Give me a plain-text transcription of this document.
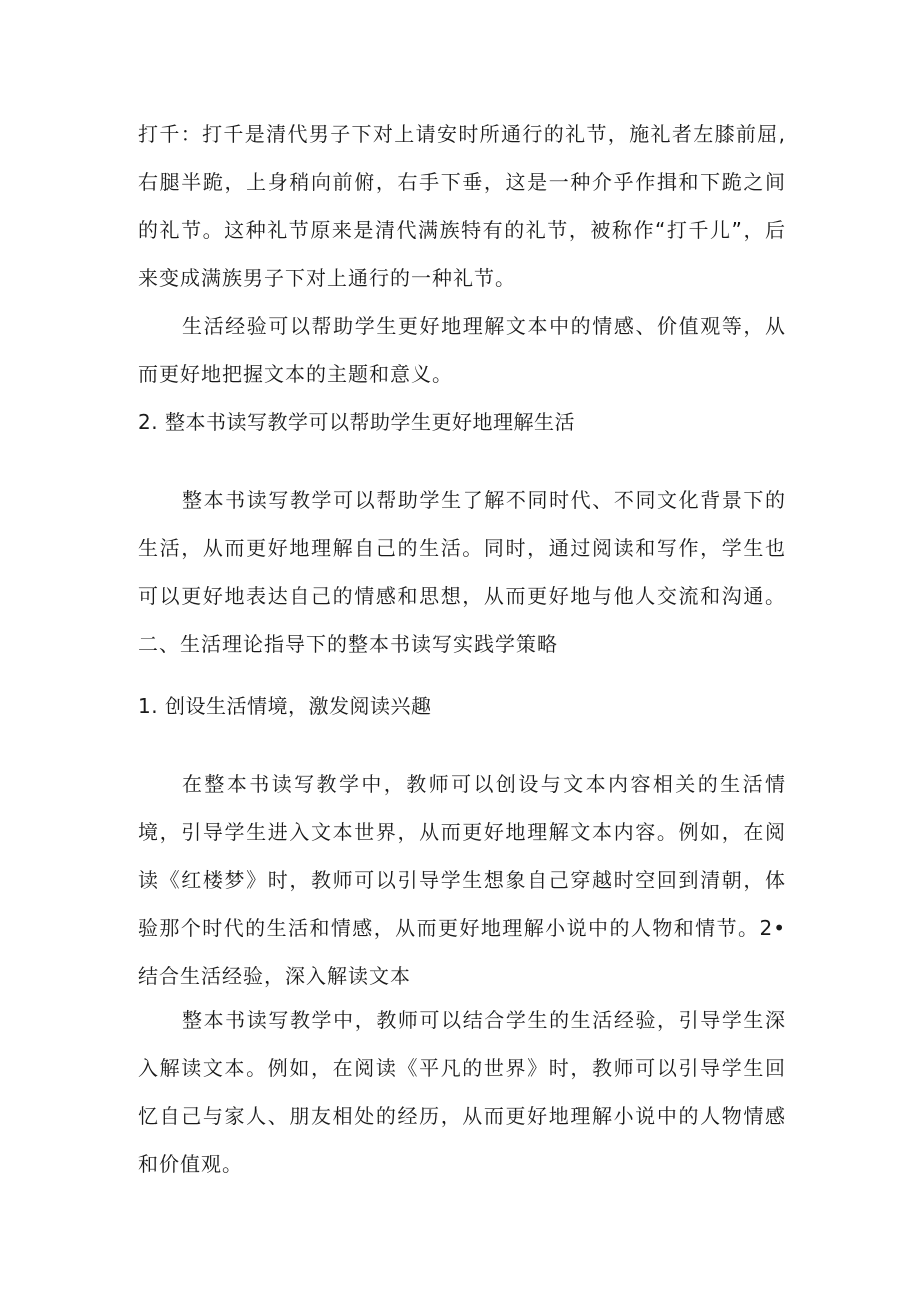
打千：打千是清代男子下对上请安时所通行的礼节，施礼者左膝前屈,右腿半跪，上身稍向前俯，右手下垂，这是一种介乎作揖和下跪之间的礼节。这种礼节原来是清代满族特有的礼节，被称作“打千儿”，后来变成满族男子下对上通行的一种礼节。

生活经验可以帮助学生更好地理解文本中的情感、价值观等，从而更好地把握文本的主题和意义。

2. 整本书读写教学可以帮助学生更好地理解生活

整本书读写教学可以帮助学生了解不同时代、不同文化背景下的生活，从而更好地理解自己的生活。同时，通过阅读和写作，学生也可以更好地表达自己的情感和思想，从而更好地与他人交流和沟通。二、生活理论指导下的整本书读写实践学策略

1. 创设生活情境，激发阅读兴趣

在整本书读写教学中，教师可以创设与文本内容相关的生活情境，引导学生进入文本世界，从而更好地理解文本内容。例如，在阅读《红楼梦》时，教师可以引导学生想象自己穿越时空回到清朝，体验那个时代的生活和情感，从而更好地理解小说中的人物和情节。2•结合生活经验，深入解读文本

整本书读写教学中，教师可以结合学生的生活经验，引导学生深入解读文本。例如，在阅读《平凡的世界》时，教师可以引导学生回忆自己与家人、朋友相处的经历，从而更好地理解小说中的人物情感和价值观。
